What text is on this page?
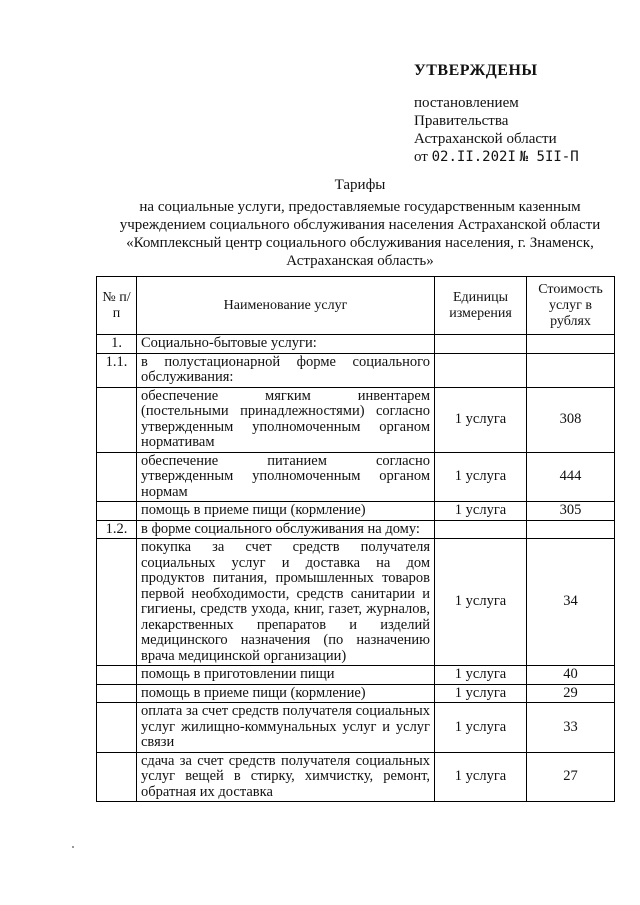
УТВЕРЖДЕНЫ
постановлением
Правительства
Астраханской области
от 02.II.202I № 5II-П
Тарифы
на социальные услуги, предоставляемые государственным казенным
учреждением социального обслуживания населения Астраханской области
«Комплексный центр социального обслуживания населения, г. Знаменск,
Астраханская область»
№ п/п	Наименование услуг	Единицы измерения	Стоимость услуг в рублях
1.	Социально-бытовые услуги:		
1.1.	в полустационарной форме социального обслуживания:		
	обеспечение мягким инвентарем (постельными принадлежностями) согласно утвержденным уполномоченным органом нормативам	1 услуга	308
	обеспечение питанием согласно утвержденным уполномоченным органом нормам	1 услуга	444
	помощь в приеме пищи (кормление)	1 услуга	305
1.2.	в форме социального обслуживания на дому:		
	покупка за счет средств получателя социальных услуг и доставка на дом продуктов питания, промышленных товаров первой необходимости, средств санитарии и гигиены, средств ухода, книг, газет, журналов, лекарственных препаратов и изделий медицинского назначения (по назначению врача медицинской организации)	1 услуга	34
	помощь в приготовлении пищи	1 услуга	40
	помощь в приеме пищи (кормление)	1 услуга	29
	оплата за счет средств получателя социальных услуг жилищно-коммунальных услуг и услуг связи	1 услуга	33
	сдача за счет средств получателя социальных услуг вещей в стирку, химчистку, ремонт, обратная их доставка	1 услуга	27
